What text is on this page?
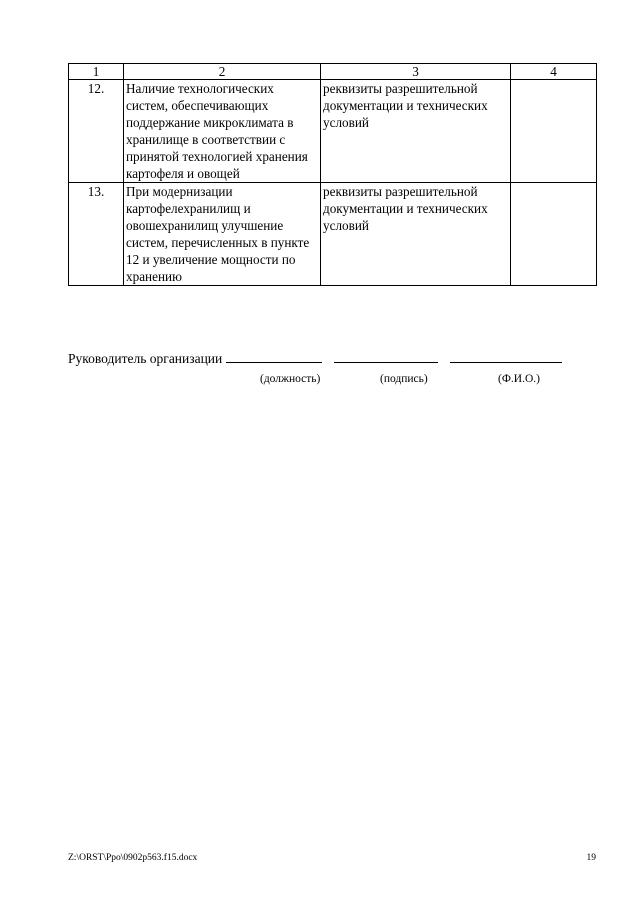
1	2	3	4
12.	Наличие технологических систем, обеспечивающих поддержание микроклимата в хранилище в соответствии с принятой технологией хранения картофеля и овощей	реквизиты разрешительной документации и технических условий	
13.	При модернизации картофелехранилищ и овошехранилищ улучшение систем, перечисленных в пункте 12 и увеличение мощности по хранению	реквизиты разрешительной документации и технических условий	
Руководитель организации
(должность)	(подпись)	(Ф.И.О.)
Z:\ORST\Ppo\0902p563.f15.docx	19
